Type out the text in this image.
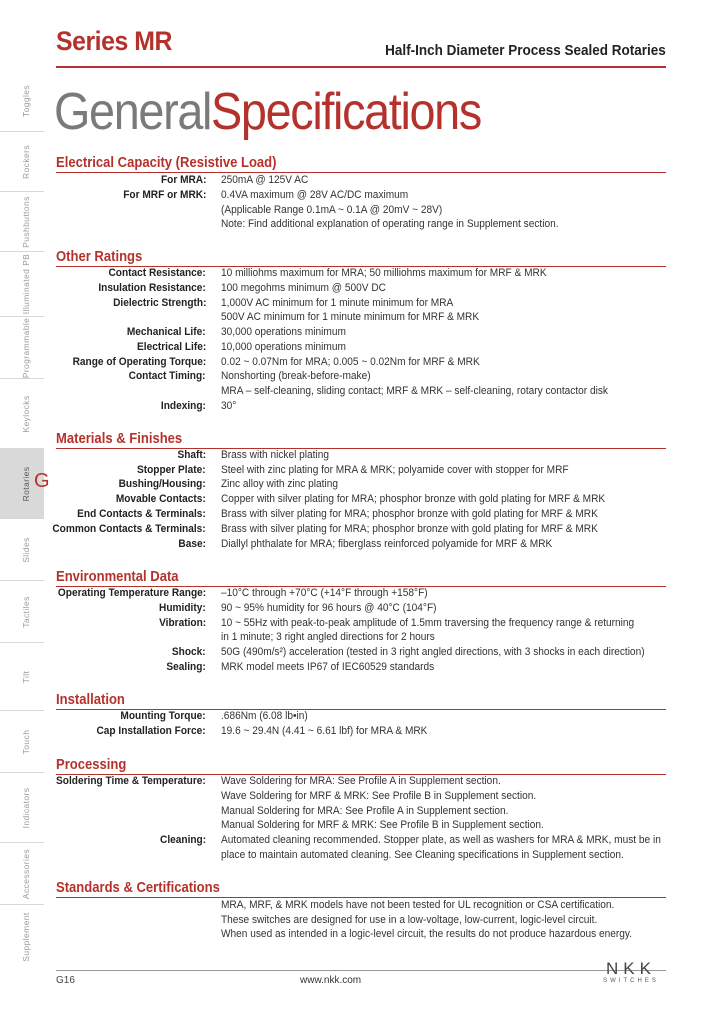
Series MR	Half-Inch Diameter Process Sealed Rotaries
GeneralSpecifications
Toggles
Rockers
Pushbuttons
Illuminated PB
Programmable
Keylocks
Rotaries
Slides
Tactiles
Tilt
Touch
Indicators
Accessories
Supplement
G
Electrical Capacity (Resistive Load)
For MRA: 250mA @ 125V AC
For MRF or MRK: 0.4VA maximum @ 28V AC/DC maximum
(Applicable Range 0.1mA ~ 0.1A @ 20mV ~ 28V)
Note: Find additional explanation of operating range in Supplement section.
Other Ratings
Contact Resistance: 10 milliohms maximum for MRA; 50 milliohms maximum for MRF & MRK
Insulation Resistance: 100 megohms minimum @ 500V DC
Dielectric Strength: 1,000V AC minimum for 1 minute minimum for MRA
500V AC minimum for 1 minute minimum for MRF & MRK
Mechanical Life: 30,000 operations minimum
Electrical Life: 10,000 operations minimum
Range of Operating Torque: 0.02 ~ 0.07Nm for MRA; 0.005 ~ 0.02Nm for MRF & MRK
Contact Timing: Nonshorting (break-before-make)
MRA – self-cleaning, sliding contact; MRF & MRK – self-cleaning, rotary contactor disk
Indexing: 30°
Materials & Finishes
Shaft: Brass with nickel plating
Stopper Plate: Steel with zinc plating for MRA & MRK; polyamide cover with stopper for MRF
Bushing/Housing: Zinc alloy with zinc plating
Movable Contacts: Copper with silver plating for MRA; phosphor bronze with gold plating for MRF & MRK
End Contacts & Terminals: Brass with silver plating for MRA; phosphor bronze with gold plating for MRF & MRK
Common Contacts & Terminals: Brass with silver plating for MRA; phosphor bronze with gold plating for MRF & MRK
Base: Diallyl phthalate for MRA; fiberglass reinforced polyamide for MRF & MRK
Environmental Data
Operating Temperature Range: –10°C through +70°C (+14°F through +158°F)
Humidity: 90 ~ 95% humidity for 96 hours @ 40°C (104°F)
Vibration: 10 ~ 55Hz with peak-to-peak amplitude of 1.5mm traversing the frequency range & returning
in 1 minute; 3 right angled directions for 2 hours
Shock: 50G (490m/s²) acceleration (tested in 3 right angled directions, with 3 shocks in each direction)
Sealing: MRK model meets IP67 of IEC60529 standards
Installation
Mounting Torque: .686Nm (6.08 lb•in)
Cap Installation Force: 19.6 ~ 29.4N (4.41 ~ 6.61 lbf) for MRA & MRK
Processing
Soldering Time & Temperature: Wave Soldering for MRA: See Profile A in Supplement section.
Wave Soldering for MRF & MRK: See Profile B in Supplement section.
Manual Soldering for MRA: See Profile A in Supplement section.
Manual Soldering for MRF & MRK: See Profile B in Supplement section.
Cleaning: Automated cleaning recommended. Stopper plate, as well as washers for MRA & MRK, must be in
place to maintain automated cleaning. See Cleaning specifications in Supplement section.
Standards & Certifications
MRA, MRF, & MRK models have not been tested for UL recognition or CSA certification.
These switches are designed for use in a low-voltage, low-current, logic-level circuit.
When used as intended in a logic-level circuit, the results do not produce hazardous energy.
G16	www.nkk.com
NKK
SWITCHES
